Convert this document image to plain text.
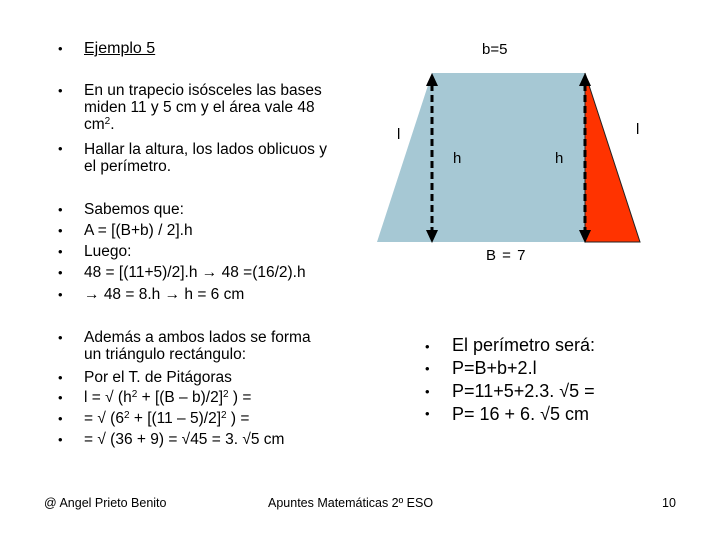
•
•
•
•
•
•
•
•
•
•
•
•
•
Ejemplo 5
En un trapecio isósceles las bases
miden 11 y 5 cm y el área vale 48
$cm^2$.
Hallar la altura, los lados oblicuos y
el perímetro.
Sabemos que:
A = [(B+b) / 2].h
Luego:
48 = [(11+5)/2].h → 48 =(16/2).h
→ 48 = 8.h → h = 6 cm
Además a ambos lados se forma
un triángulo rectángulo:
Por el T. de Pitágoras
l = √ ($h^2 + [(B - b)/2]^2$ ) =
= √ ($6^2 + [(11 - 5)/2]^2$ ) =
= √ (36 + 9) = √45 = 3. √5 cm
b=5
B = 7
l	l
h	h
•
•
•
•
El perímetro será:
P=B+b+2.l
P=11+5+2.3. √5 =
P= 16 + 6. √5 cm
@ Angel Prieto Benito	Apuntes Matemáticas 2º ESO	10
